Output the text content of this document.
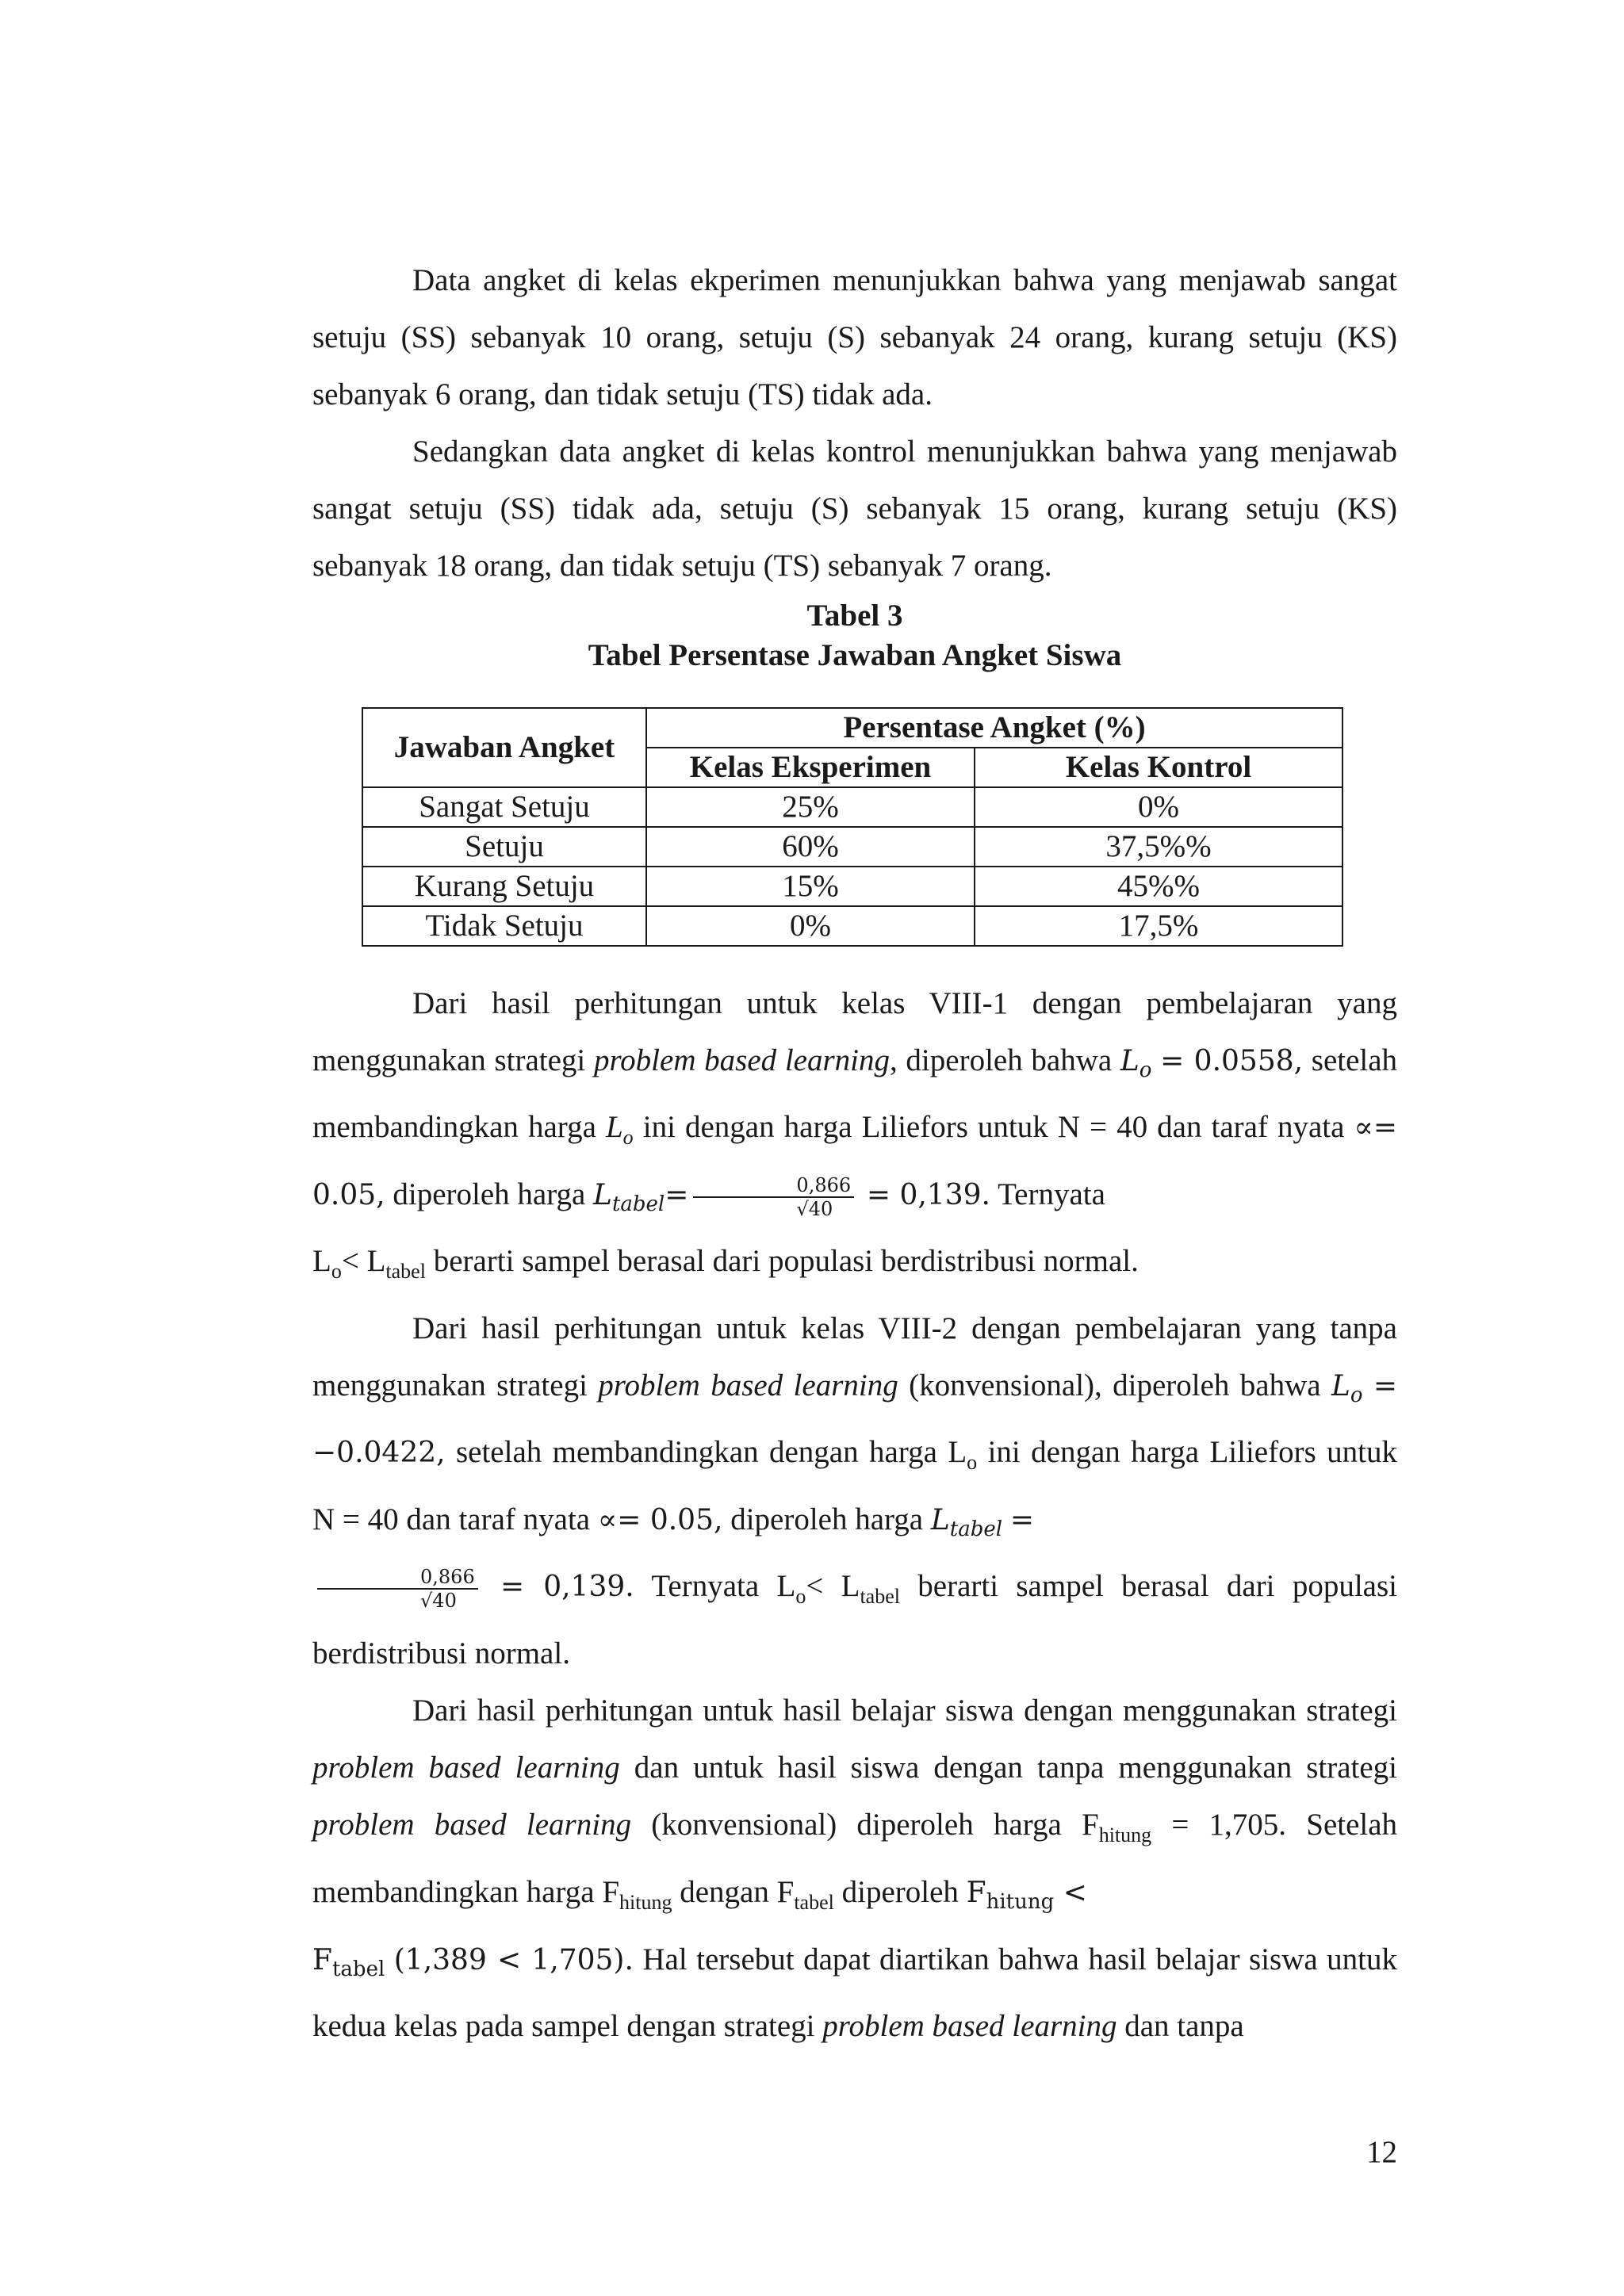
Data angket di kelas ekperimen menunjukkan bahwa yang menjawab sangat setuju (SS) sebanyak 10 orang, setuju (S) sebanyak 24 orang, kurang setuju (KS) sebanyak 6 orang, dan tidak setuju (TS) tidak ada.

Sedangkan data angket di kelas kontrol menunjukkan bahwa yang menjawab sangat setuju (SS) tidak ada, setuju (S) sebanyak 15 orang, kurang setuju (KS) sebanyak 18 orang, dan tidak setuju (TS) sebanyak 7 orang.

Tabel 3
Tabel Persentase Jawaban Angket Siswa
Jawaban Angket	Persentase Angket (%)	
	Kelas Eksperimen	Kelas Kontrol
Sangat Setuju	25%	0%
Setuju	60%	37,5%%
Kurang Setuju	15%	45%%
Tidak Setuju	0%	17,5%

Dari hasil perhitungan untuk kelas VIII-1 dengan pembelajaran yang menggunakan strategi problem based learning, diperoleh bahwa $L_o = 0.0558$, setelah membandingkan harga $L_o$ ini dengan harga Liliefors untuk N = 40 dan taraf nyata ∝= 0.05, diperoleh harga $L_{tabel}= \frac{0,866}{√40} = 0,139$. Ternyata
$L_o< L_{tabel}$ berarti sampel berasal dari populasi berdistribusi normal.

Dari hasil perhitungan untuk kelas VIII-2 dengan pembelajaran yang tanpa menggunakan strategi problem based learning (konvensional), diperoleh bahwa $L_o = -0.0422$, setelah membandingkan dengan harga $L_o$ ini dengan harga Liliefors untuk N = 40 dan taraf nyata ∝= 0.05, diperoleh harga $L_{tabel}$ =

$\frac{0,866}{√40} = 0,139$. Ternyata $L_o< L_{tabel}$ berarti sampel berasal dari populasi berdistribusi normal.

Dari hasil perhitungan untuk hasil belajar siswa dengan menggunakan strategi problem based learning dan untuk hasil siswa dengan tanpa menggunakan strategi problem based learning (konvensional) diperoleh harga $F_{hitung} = 1,705$. Setelah membandingkan harga $F_{hitung}$ dengan $F_{tabel}$ diperoleh $F_{hitung}$ <
$F_{tabel}$ (1,389 < 1,705). Hal tersebut dapat diartikan bahwa hasil belajar siswa untuk kedua kelas pada sampel dengan strategi problem based learning dan tanpa

12
